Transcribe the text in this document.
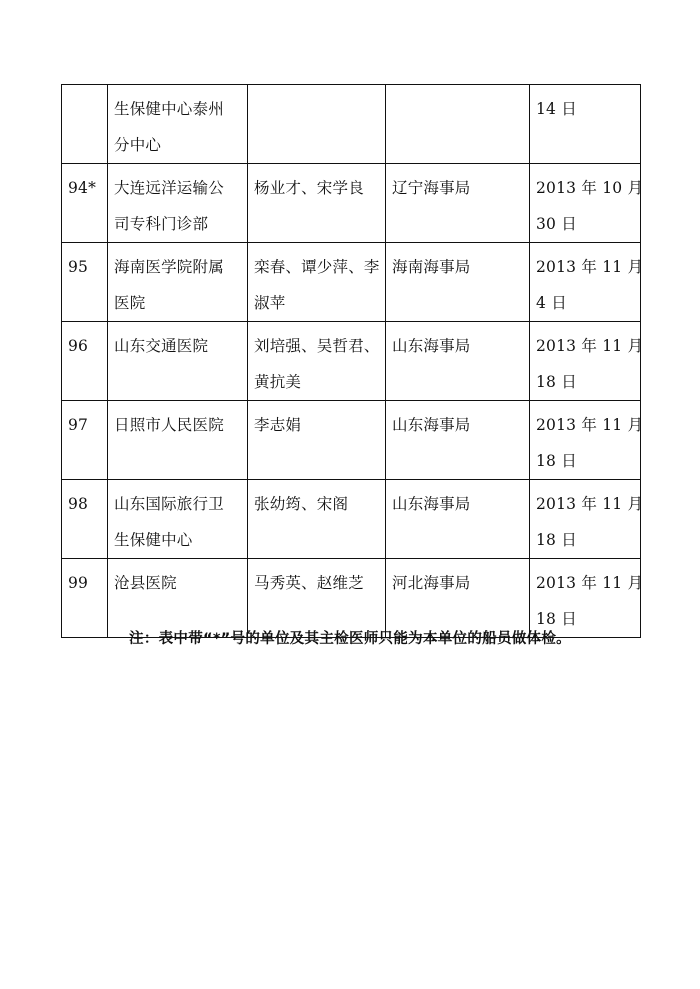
	生保健中心泰州
分中心			14 日

94*	大连远洋运输公
司专科门诊部	杨业才、宋学良	辽宁海事局	2013 年 10 月
30 日

95	海南医学院附属
医院	栾春、谭少萍、李
淑苹	海南海事局	2013 年 11 月
4 日

96	山东交通医院	刘培强、吴哲君、
黄抗美	山东海事局	2013 年 11 月
18 日

97	日照市人民医院	李志娟	山东海事局	2013 年 11 月
18 日

98	山东国际旅行卫
生保健中心	张幼筠、宋阁	山东海事局	2013 年 11 月
18 日

99	沧县医院	马秀英、赵维芝	河北海事局	2013 年 11 月
18 日
注：表中带“*”号的单位及其主检医师只能为本单位的船员做体检。
